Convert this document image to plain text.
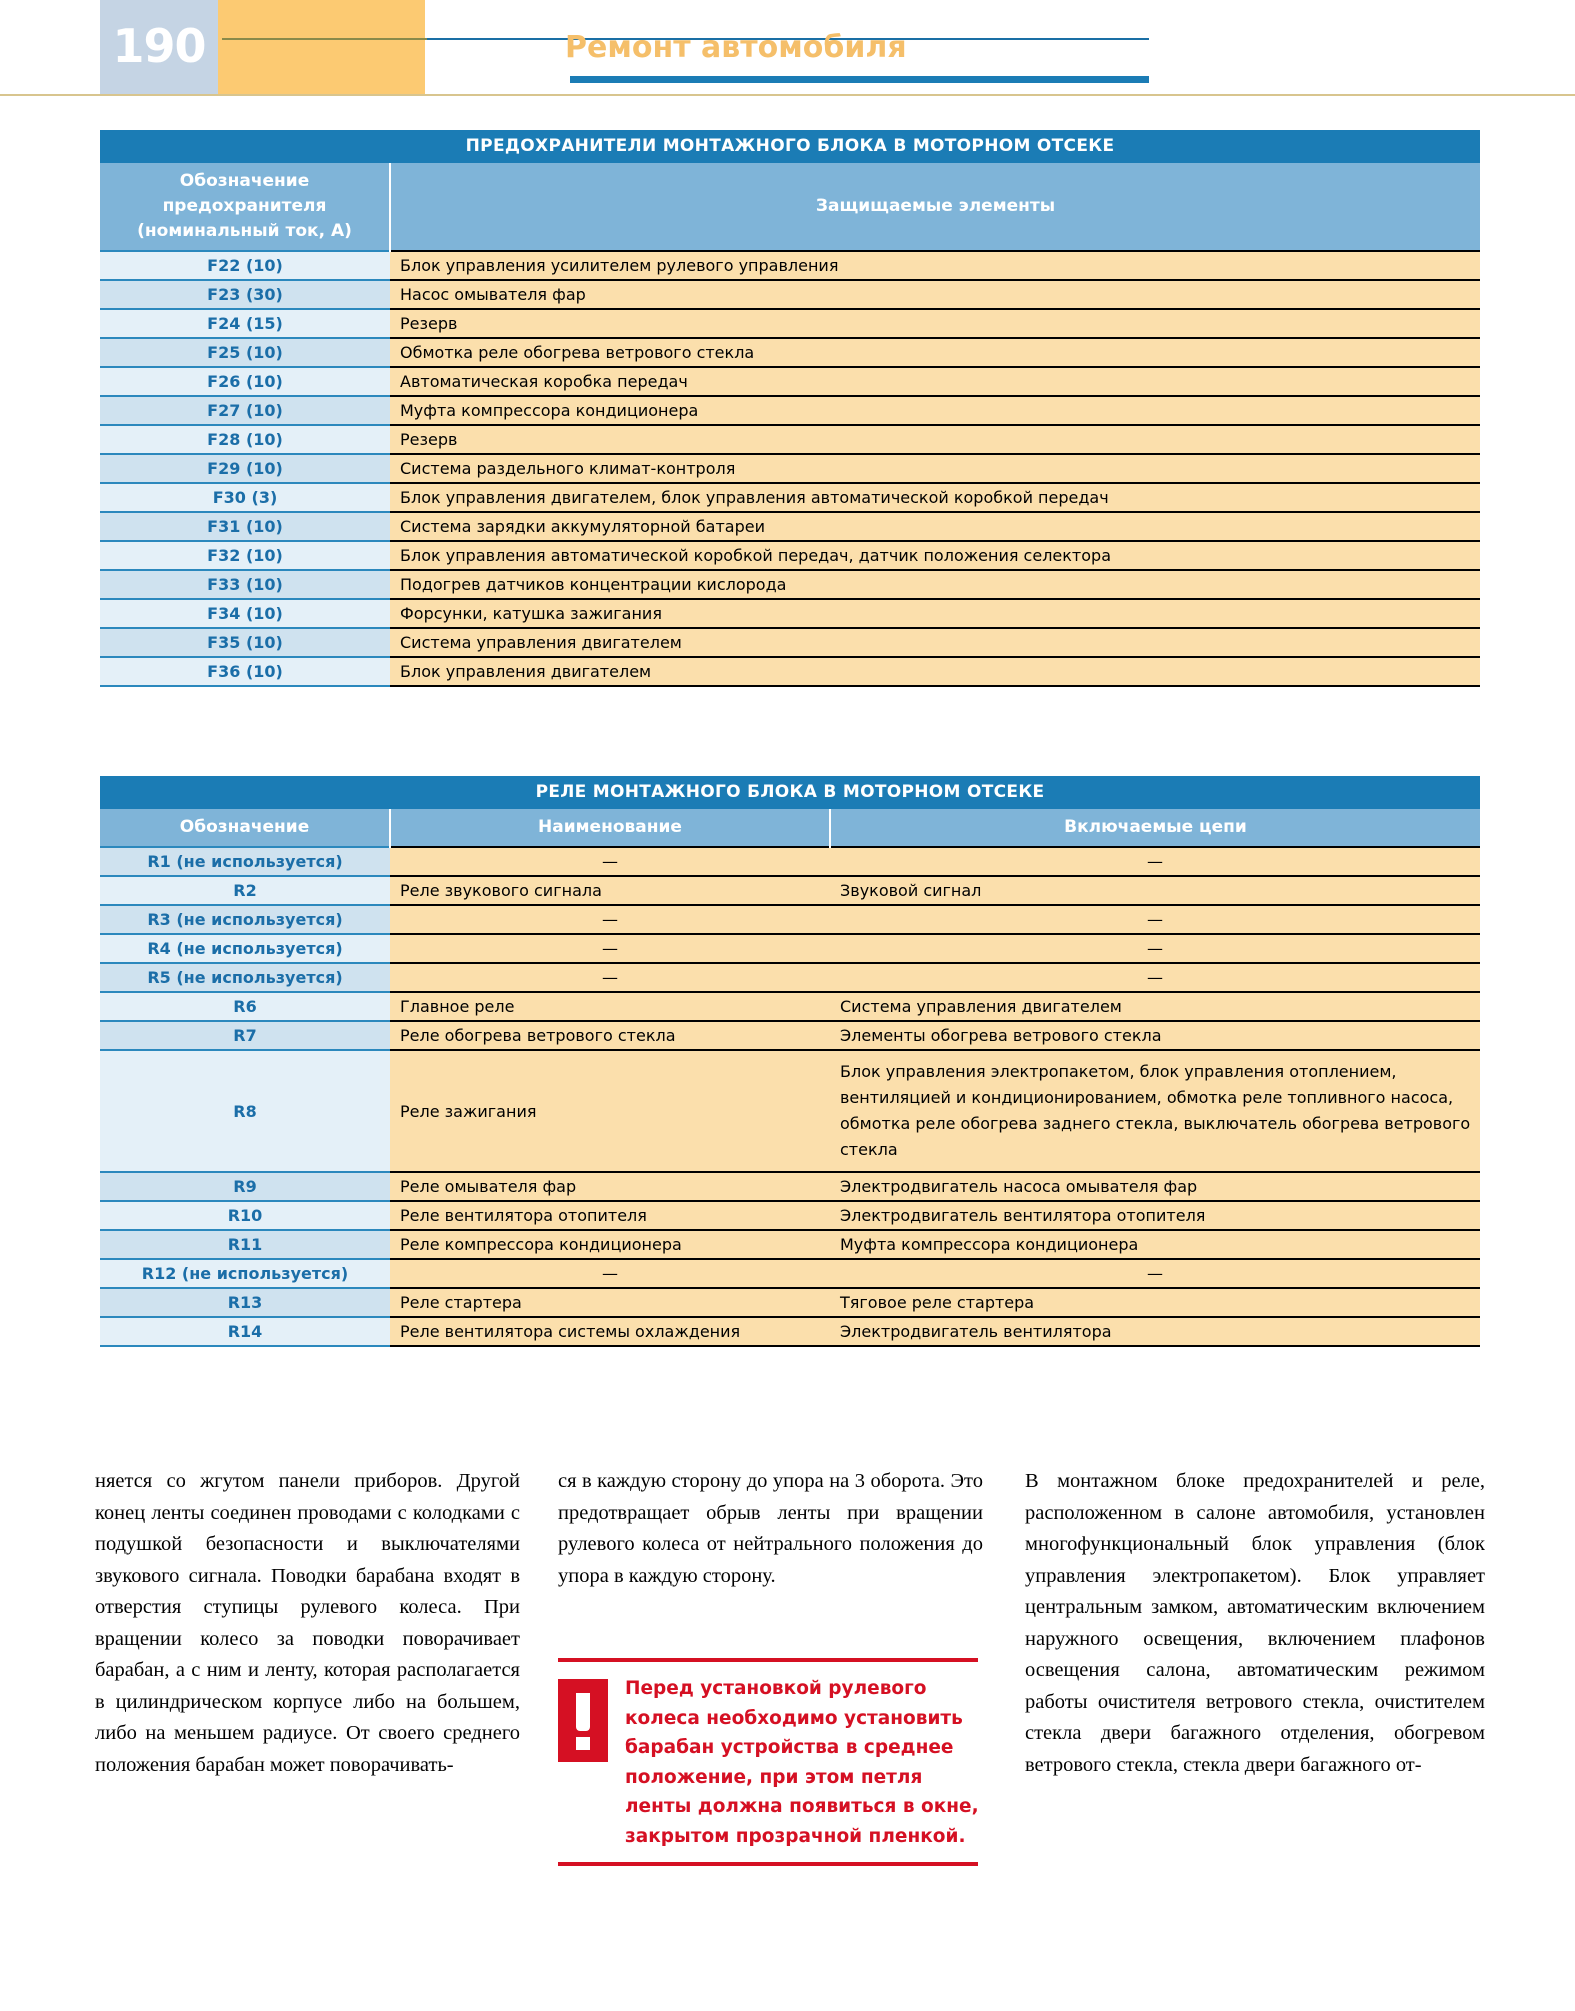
190	Ремонт автомобиля
ПРЕДОХРАНИТЕЛИ МОНТАЖНОГО БЛОКА В МОТОРНОМ ОТСЕКЕ	

Обозначение
предохранителя
(номинальный ток, А)	Защищаемые элементы
F22 (10)	Блок управления усилителем рулевого управления
F23 (30)	Насос омывателя фар
F24 (15)	Резерв
F25 (10)	Обмотка реле обогрева ветрового стекла
F26 (10)	Автоматическая коробка передач
F27 (10)	Муфта компрессора кондиционера
F28 (10)	Резерв
F29 (10)	Система раздельного климат-контроля
F30 (3)	Блок управления двигателем, блок управления автоматической коробкой передач
F31 (10)	Система зарядки аккумуляторной батареи
F32 (10)	Блок управления автоматической коробкой передач, датчик положения селектора
F33 (10)	Подогрев датчиков концентрации кислорода
F34 (10)	Форсунки, катушка зажигания
F35 (10)	Система управления двигателем
F36 (10)	Блок управления двигателем
РЕЛЕ МОНТАЖНОГО БЛОКА В МОТОРНОМ ОТСЕКЕ		
Обозначение	Наименование	Включаемые цепи
R1 (не используется)	—	—
R2	Реле звукового сигнала	Звуковой сигнал
R3 (не используется)	—	—
R4 (не используется)	—	—
R5 (не используется)	—	—
R6	Главное реле	Система управления двигателем
R7	Реле обогрева ветрового стекла	Элементы обогрева ветрового стекла
R8	Реле зажигания	Блок управления электропакетом, блок управления отоплением, вентиляцией и кондиционированием, обмотка реле топливного насоса, обмотка реле обогрева заднего стекла, выключатель обогрева ветрового стекла
R9	Реле омывателя фар	Электродвигатель насоса омывателя фар
R10	Реле вентилятора отопителя	Электродвигатель вентилятора отопителя
R11	Реле компрессора кондиционера	Муфта компрессора кондиционера
R12 (не используется)	—	—
R13	Реле стартера	Тяговое реле стартера
R14	Реле вентилятора системы охлаждения	Электродвигатель вентилятора

няется со жгутом панели приборов. Другой конец ленты соединен проводами с колодками с подушкой безопасности и выключателями звукового сигнала. Поводки барабана входят в отверстия ступицы рулевого колеса. При вращении колесо за поводки поворачивает барабан, а с ним и ленту, которая располагается в цилиндрическом корпусе либо на большем, либо на меньшем радиусе. От своего среднего положения барабан может поворачивать-

ся в каждую сторону до упора на 3 оборота. Это предотвращает обрыв ленты при вращении рулевого колеса от нейтрального положения до упора в каждую сторону.

Перед установкой рулевого колеса необходимо установить барабан устройства в среднее положение, при этом петля ленты должна появиться в окне, закрытом прозрачной пленкой.

В монтажном блоке предохранителей и реле, расположенном в салоне автомобиля, установлен многофункциональный блок управления (блок управления электропакетом). Блок управляет центральным замком, автоматическим включением наружного освещения, включением плафонов освещения салона, автоматическим режимом работы очистителя ветрового стекла, очистителем стекла двери багажного отделения, обогревом ветрового стекла, стекла двери багажного от-
